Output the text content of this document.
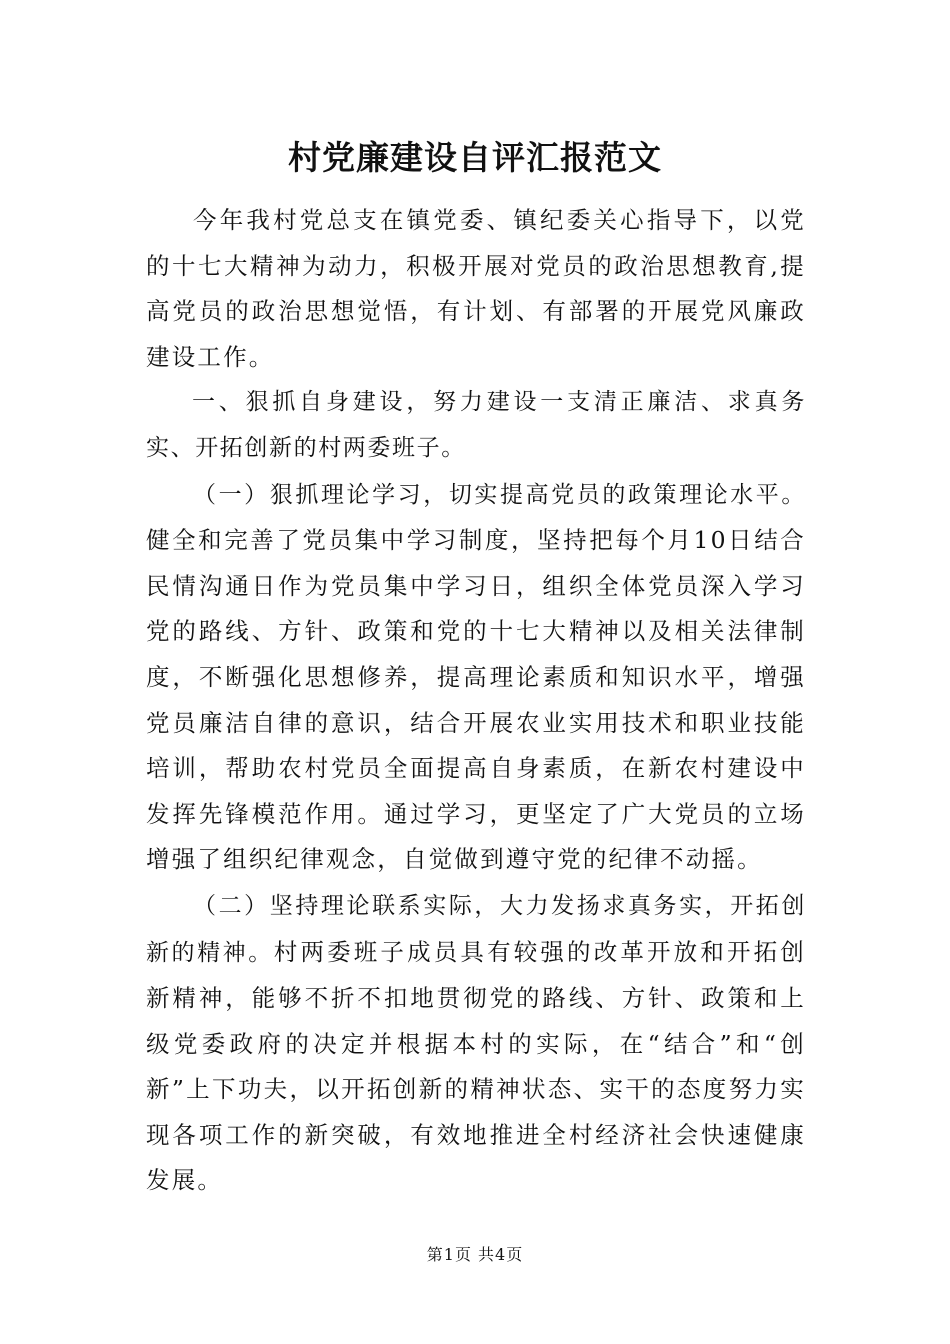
村党廉建设自评汇报范文

今年我村党总支在镇党委、镇纪委关心指导下，以党的十七大精神为动力，积极开展对党员的政治思想教育,提高党员的政治思想觉悟，有计划、有部署的开展党风廉政建设工作。

一、狠抓自身建设，努力建设一支清正廉洁、求真务实、开拓创新的村两委班子。

（一）狠抓理论学习，切实提高党员的政策理论水平。健全和完善了党员集中学习制度，坚持把每个月10日结合民情沟通日作为党员集中学习日，组织全体党员深入学习党的路线、方针、政策和党的十七大精神以及相关法律制度，不断强化思想修养，提高理论素质和知识水平，增强党员廉洁自律的意识，结合开展农业实用技术和职业技能培训，帮助农村党员全面提高自身素质，在新农村建设中发挥先锋模范作用。通过学习，更坚定了广大党员的立场增强了组织纪律观念，自觉做到遵守党的纪律不动摇。

（二）坚持理论联系实际，大力发扬求真务实，开拓创新的精神。村两委班子成员具有较强的改革开放和开拓创新精神，能够不折不扣地贯彻党的路线、方针、政策和上级党委政府的决定并根据本村的实际，在“结合”和“创新”上下功夫，以开拓创新的精神状态、实干的态度努力实现各项工作的新突破，有效地推进全村经济社会快速健康发展。

第1页 共4页
